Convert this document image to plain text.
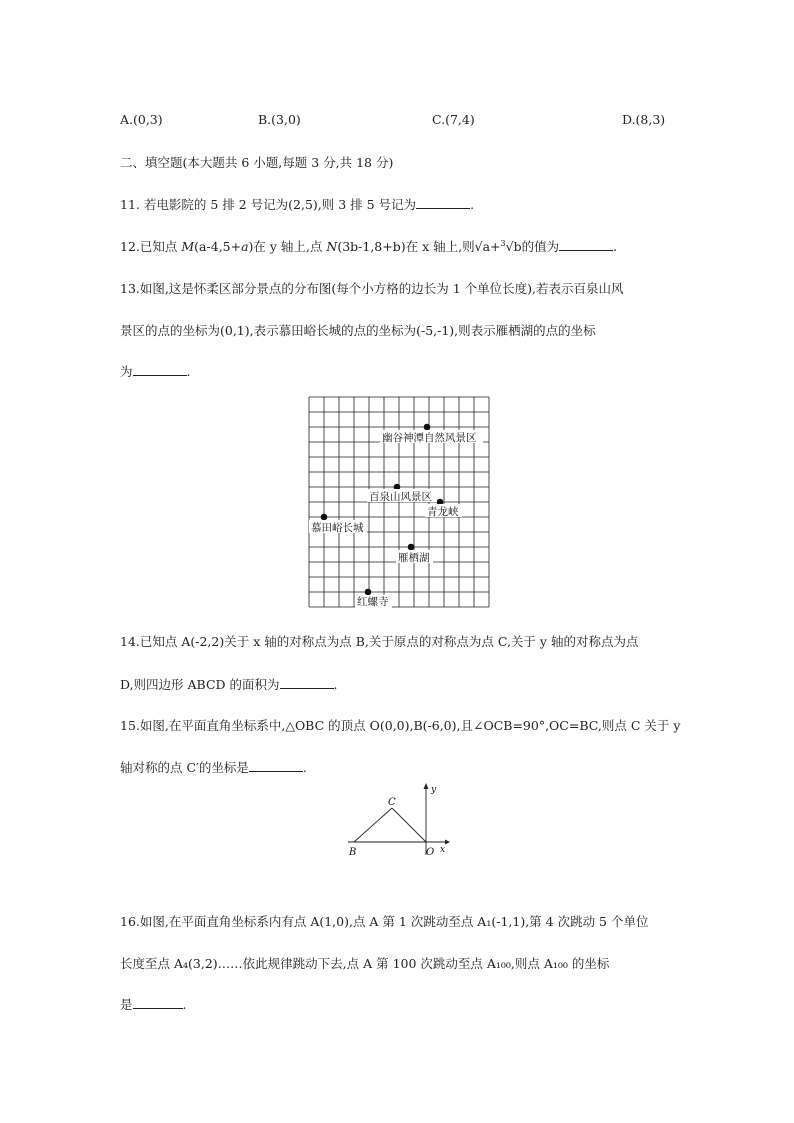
A.(0,3)	B.(3,0)	C.(7,4)	D.(8,3)
二、填空题(本大题共 6 小题,每题 3 分,共 18 分)
11. 若电影院的 5 排 2 号记为(2,5),则 3 排 5 号记为	.
12.已知点 M(a-4,5+a)在 y 轴上,点 N(3b-1,8+b)在 x 轴上,则√a+$^3$√b的值为	.
13.如图,这是怀柔区部分景点的分布图(每个小方格的边长为 1 个单位长度),若表示百泉山风
景区的点的坐标为(0,1),表示慕田峪长城的点的坐标为(-5,-1),则表示雁栖湖的点的坐标
为	.
幽谷神潭自然风景区
百泉山风景区
青龙峡
慕田峪长城
雁栖湖
红螺寺
14.已知点 A(-2,2)关于 x 轴的对称点为点 B,关于原点的对称点为点 C,关于 y 轴的对称点为点
D,则四边形 ABCD 的面积为	.
15.如图,在平面直角坐标系中,△OBC 的顶点 O(0,0),B(-6,0),且∠OCB=90°,OC=BC,则点 C 关于 y
轴对称的点 C′的坐标是	.
C
y
B	O x
16.如图,在平面直角坐标系内有点 A(1,0),点 A 第 1 次跳动至点 A₁(-1,1),第 4 次跳动 5 个单位
长度至点 A₄(3,2)……依此规律跳动下去,点 A 第 100 次跳动至点 A₁₀₀,则点 A₁₀₀ 的坐标
是	.
